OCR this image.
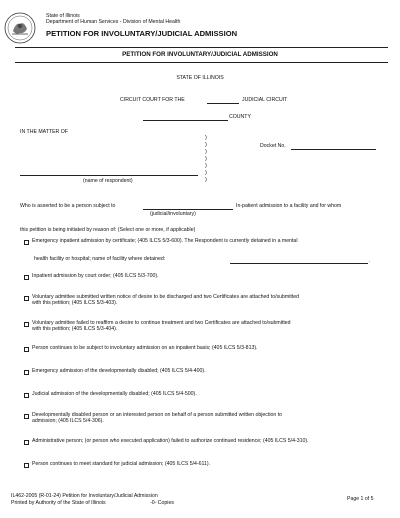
State of Illinois
Department of Human Services - Division of Mental Health
PETITION FOR INVOLUNTARY/JUDICIAL ADMISSION
PETITION FOR INVOLUNTARY/JUDICIAL ADMISSION
STATE OF ILLINOIS
CIRCUIT COURT FOR THE	JUDICIAL CIRCUIT
COUNTY
IN THE MATTER OF
)
)
)
)
)
)
)
Docket No.
(name of respondent)
Who is asserted to be a person subject to	In-patient admission to a facility and for whom
(judicial/involuntary)
this petition is being initiated by reason of: (Select one or more, if applicable)
Emergency inpatient admission by certificate; (405 ILCS 5/3-600). The Respondent is currently detained in a mental
health facility or hospital; name of facility where detained:	.
Inpatient admission by court order; (405 ILCS 5/3-700).
Voluntary admittee submitted written notice of desire to be discharged and two Certificates are attached to/submitted
with this petition; (405 ILCS 5/3-403).
Voluntary admittee failed to reaffirm a desire to continue treatment and two Certificates are attached to/submitted
with this petition; (405 ILCS 5/3-404).
Person continues to be subject to involuntary admission on an inpatient basis; (405 ILCS 5/3-813).
Emergency admission of the developmentally disabled; (405 ILCS 5/4-400).
Judicial admission of the developmentally disabled; (405 ILCS 5/4-500).
Developmentally disabled person or an interested person on behalf of a person submitted written objection to
admission; (405 ILCS 5/4-306).
Administrative person; (or person who executed application) failed to authorize continued residence; (405 ILCS 5/4-310).
Person continues to meet standard for judicial admission; (405 ILCS 5/4-611).
IL462-2005 (R-01-24) Petition for Involuntary/Judicial Admission
Printed by Authority of the State of Illinois	-0- Copies
Page 1 of 5
